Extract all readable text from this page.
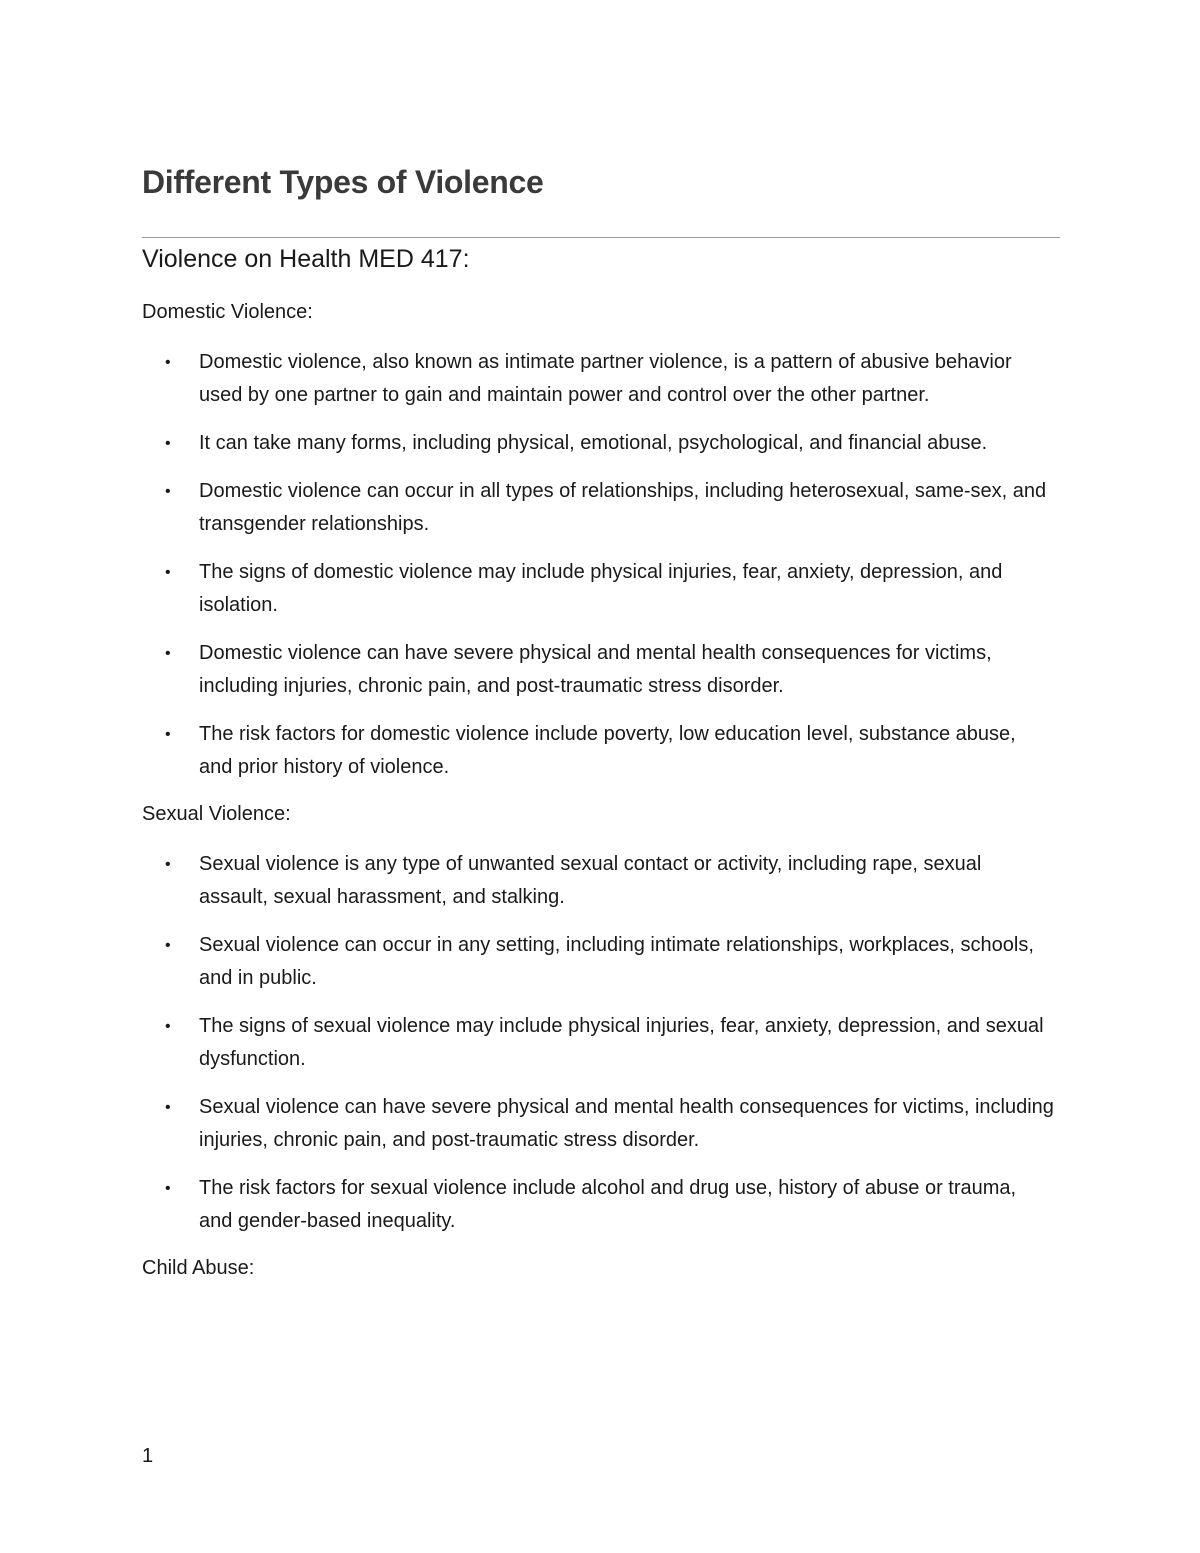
Different Types of Violence
Violence on Health MED 417:

Domestic Violence:

• Domestic violence, also known as intimate partner violence, is a pattern of abusive behavior used by one partner to gain and maintain power and control over the other partner.
• It can take many forms, including physical, emotional, psychological, and financial abuse.
• Domestic violence can occur in all types of relationships, including heterosexual, same-sex, and transgender relationships.
• The signs of domestic violence may include physical injuries, fear, anxiety, depression, and isolation.
• Domestic violence can have severe physical and mental health consequences for victims, including injuries, chronic pain, and post-traumatic stress disorder.
• The risk factors for domestic violence include poverty, low education level, substance abuse, and prior history of violence.

Sexual Violence:

• Sexual violence is any type of unwanted sexual contact or activity, including rape, sexual assault, sexual harassment, and stalking.
• Sexual violence can occur in any setting, including intimate relationships, workplaces, schools, and in public.
• The signs of sexual violence may include physical injuries, fear, anxiety, depression, and sexual dysfunction.
• Sexual violence can have severe physical and mental health consequences for victims, including injuries, chronic pain, and post-traumatic stress disorder.
• The risk factors for sexual violence include alcohol and drug use, history of abuse or trauma, and gender-based inequality.

Child Abuse:

1
